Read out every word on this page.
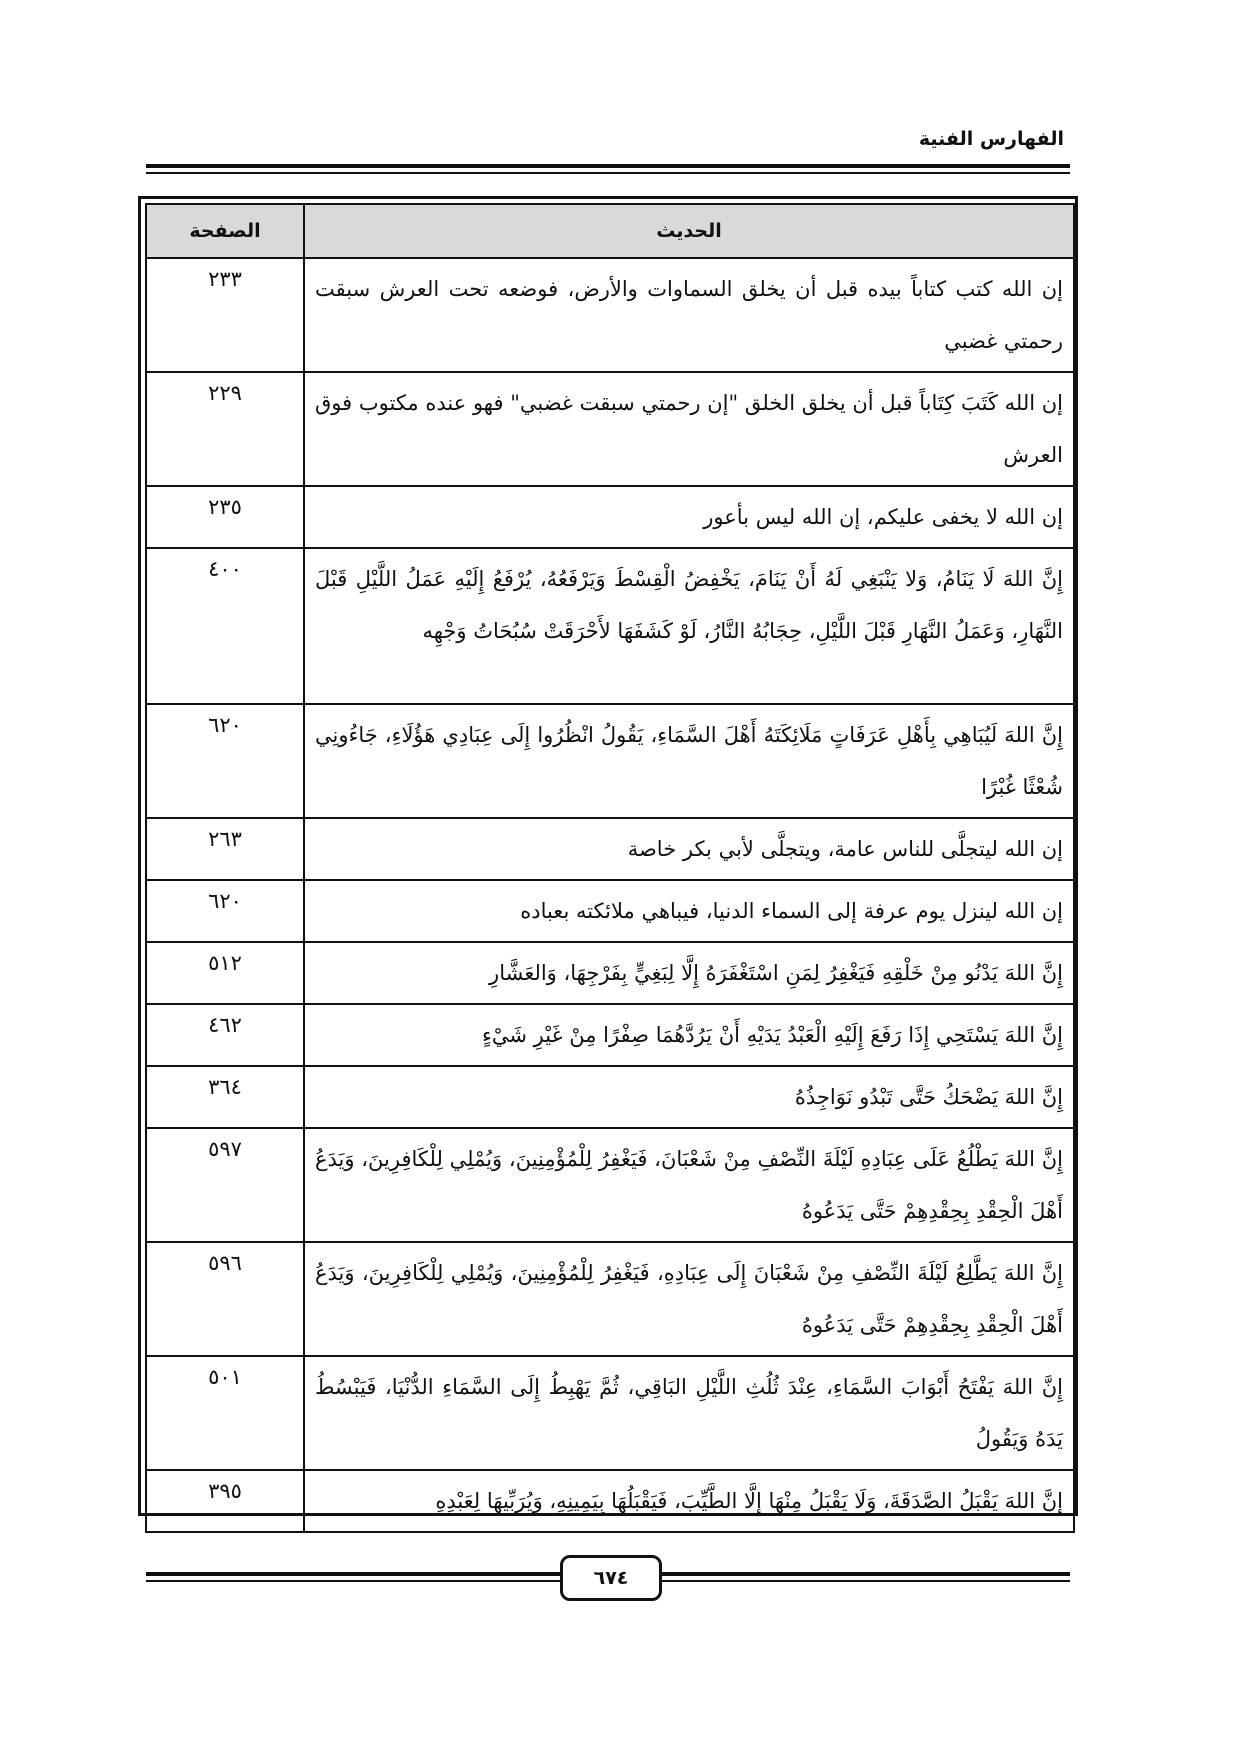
الفهارس الفنية
الحديث	الصفحة
إن الله كتب كتاباً بيده قبل أن يخلق السماوات والأرض، فوضعه تحت العرش سبقت رحمتي غضبي	٢٣٣
إن الله كَتَبَ كِتَاباً قبل أن يخلق الخلق "إن رحمتي سبقت غضبي" فهو عنده مكتوب فوق العرش	٢٢٩
إن الله لا يخفى عليكم، إن الله ليس بأعور	٢٣٥
إِنَّ اللهَ لَا يَنَامُ، وَلا يَنْبَغِي لَهُ أَنْ يَنَامَ، يَخْفِضُ الْقِسْطَ وَيَرْفَعُهُ، يُرْفَعُ إِلَيْهِ عَمَلُ اللَّيْلِ قَبْلَ النَّهَارِ، وَعَمَلُ النَّهَارِ قَبْلَ اللَّيْلِ، حِجَابُهُ النَّارُ، لَوْ كَشَفَهَا لأَحْرَقَتْ سُبُحَاتُ وَجْهِه	٤٠٠
إِنَّ اللهَ لَيُبَاهِي بِأَهْلِ عَرَفَاتٍ مَلَائِكَتَهُ أَهْلَ السَّمَاءِ، يَقُولُ انْظُرُوا إِلَى عِبَادِي هَؤُلَاءِ، جَاءُونِي شُعْثًا غُبْرًا	٦٢٠
إن الله ليتجلَّى للناس عامة، ويتجلَّى لأبي بكر خاصة	٢٦٣
إن الله لينزل يوم عرفة إلى السماء الدنيا، فيباهي ملائكته بعباده	٦٢٠
إِنَّ اللهَ يَدْنُو مِنْ خَلْقِهِ فَيَغْفِرُ لِمَنِ اسْتَغْفَرَهُ إِلَّا لِبَغِيٍّ بِفَرْجِهَا، وَالعَشَّارِ	٥١٢
إِنَّ اللهَ يَسْتَحِي إِذَا رَفَعَ إِلَيْهِ الْعَبْدُ يَدَيْهِ أَنْ يَرُدَّهُمَا صِفْرًا مِنْ غَيْرِ شَيْءٍ	٤٦٢
إِنَّ اللهَ يَضْحَكُ حَتَّى تَبْدُو نَوَاجِذُهُ	٣٦٤
إِنَّ اللهَ يَطْلُعُ عَلَى عِبَادِهِ لَيْلَةَ النِّصْفِ مِنْ شَعْبَانَ، فَيَغْفِرُ لِلْمُؤْمِنِينَ، وَيُمْلِي لِلْكَافِرِينَ، وَيَدَعُ أَهْلَ الْحِقْدِ بِحِقْدِهِمْ حَتَّى يَدَعُوهُ	٥٩٧
إِنَّ اللهَ يَطَّلِعُ لَيْلَةَ النِّصْفِ مِنْ شَعْبَانَ إِلَى عِبَادِهِ، فَيَغْفِرُ لِلْمُؤْمِنِينَ، وَيُمْلِي لِلْكَافِرِينَ، وَيَدَعُ أَهْلَ الْحِقْدِ بِحِقْدِهِمْ حَتَّى يَدَعُوهُ	٥٩٦
إِنَّ اللهَ يَفْتَحُ أَبْوَابَ السَّمَاءِ، عِنْدَ ثُلُثِ اللَّيْلِ البَاقِي، ثُمَّ يَهْبِطُ إِلَى السَّمَاءِ الدُّنْيَا، فَيَبْسُطُ يَدَهُ وَيَقُولُ	٥٠١
إِنَّ اللهَ يَقْبَلُ الصَّدَقَةَ، وَلَا يَقْبَلُ مِنْهَا إِلَّا الطَّيِّبَ، فَيَقْبَلُهَا بِيَمِينِهِ، وَيُرَبِّيهَا لِعَبْدِهِ	٣٩٥
٦٧٤
